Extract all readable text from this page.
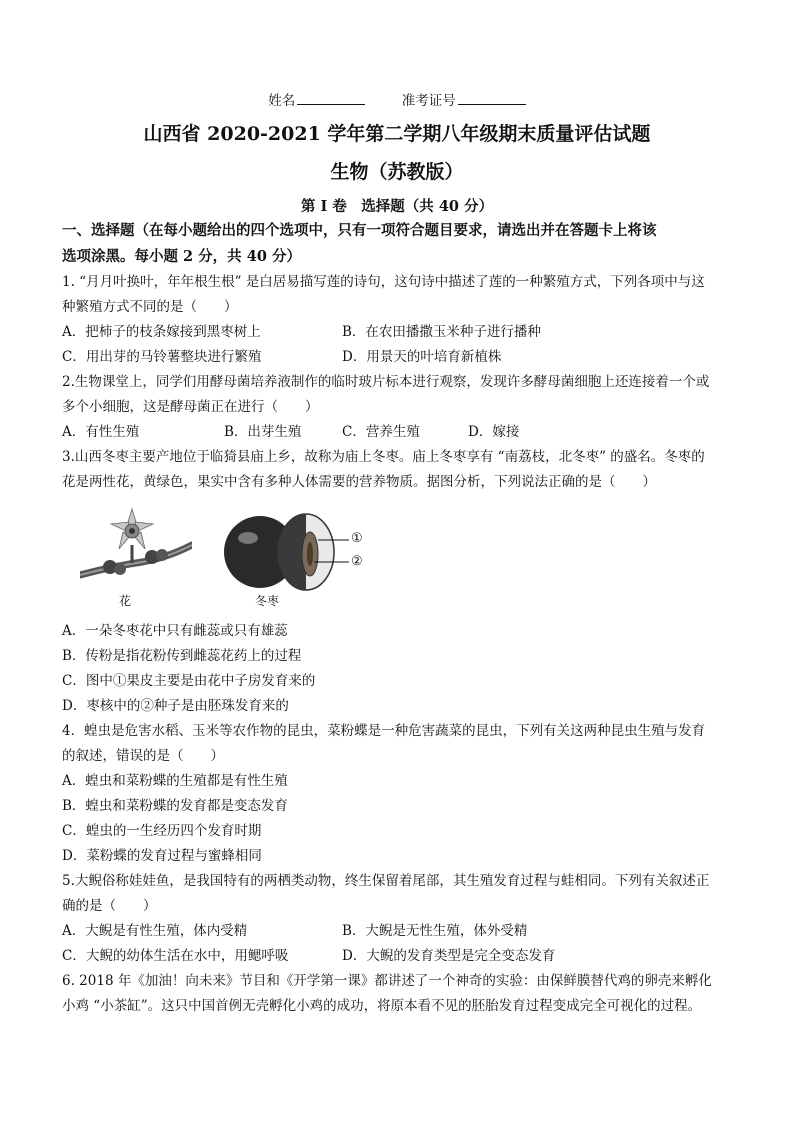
姓名	准考证号
山西省 2020-2021 学年第二学期八年级期末质量评估试题
生物（苏教版）
第 I 卷　选择题（共 40 分）
一、选择题（在每小题给出的四个选项中，只有一项符合题目要求，请选出并在答题卡上将该
选项涂黑。每小题 2 分，共 40 分）
1. “月月叶换叶，年年根生根” 是白居易描写莲的诗句，这句诗中描述了莲的一种繁殖方式，下列各项中与这
种繁殖方式不同的是（　　）
A．把柿子的枝条嫁接到黑枣树上	B．在农田播撒玉米种子进行播种
C．用出芽的马铃薯整块进行繁殖	D．用景天的叶培育新植株
2.生物课堂上，同学们用酵母菌培养液制作的临时玻片标本进行观察，发现许多酵母菌细胞上还连接着一个或
多个小细胞，这是酵母菌正在进行（　　）
A．有性生殖	B．出芽生殖	C．营养生殖	D．嫁接
3.山西冬枣主要产地位于临猗县庙上乡，故称为庙上冬枣。庙上冬枣享有 “南荔枝，北冬枣” 的盛名。冬枣的
花是两性花，黄绿色，果实中含有多种人体需要的营养物质。据图分析，下列说法正确的是（　　）
花
①
②
冬枣
A．一朵冬枣花中只有雌蕊或只有雄蕊
B．传粉是指花粉传到雌蕊花药上的过程
C．图中①果皮主要是由花中子房发育来的
D．枣核中的②种子是由胚珠发育来的
4．蝗虫是危害水稻、玉米等农作物的昆虫，菜粉蝶是一种危害蔬菜的昆虫，下列有关这两种昆虫生殖与发育
的叙述，错误的是（　　）
A．蝗虫和菜粉蝶的生殖都是有性生殖
B．蝗虫和菜粉蝶的发育都是变态发育
C．蝗虫的一生经历四个发育时期
D．菜粉蝶的发育过程与蜜蜂相同
5.大鲵俗称娃娃鱼，是我国特有的两栖类动物，终生保留着尾部，其生殖发育过程与蛙相同。下列有关叙述正
确的是（　　）
A．大鲵是有性生殖，体内受精	B．大鲵是无性生殖，体外受精
C．大鲵的幼体生活在水中，用鳃呼吸	D．大鲵的发育类型是完全变态发育
6. 2018 年《加油！向未来》节目和《开学第一课》都讲述了一个神奇的实验：由保鲜膜替代鸡的卵壳来孵化
小鸡 “小茶缸”。这只中国首例无壳孵化小鸡的成功，将原本看不见的胚胎发育过程变成完全可视化的过程。
